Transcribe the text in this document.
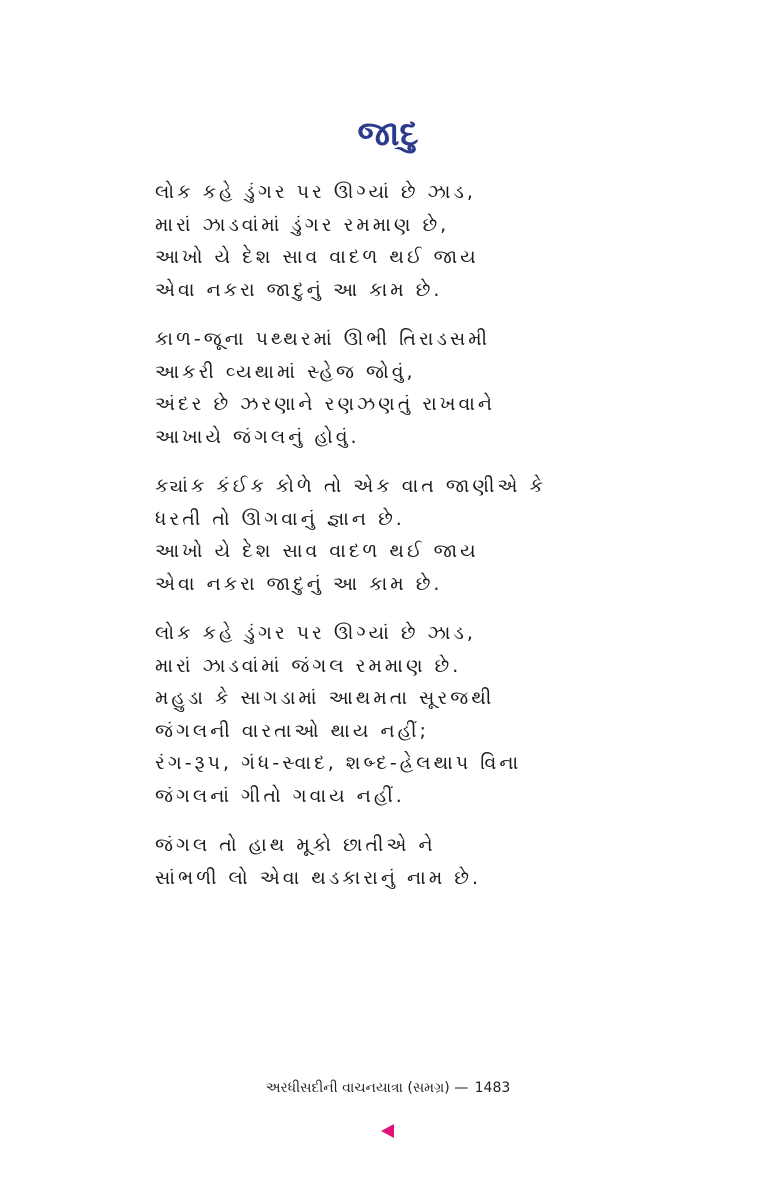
જાદુ
લોક કહે ડુંગર પર ઊગ્યાં છે ઝાડ,
મારાં ઝાડવાંમાં ડુંગર રમમાણ છે,
આખો યે દેશ સાવ વાદળ થઈ જાય
એવા નકરા જાદુનું આ કામ છે.
કાળ-જૂના પથ્થરમાં ઊભી તિરાડસમી
આકરી વ્યથામાં સ્હેજ જોવું,
અંદર છે ઝરણાને રણઝણતું રાખવાને
આખાયે જંગલનું હોવું.
ક્યાંક કંઈક કોળે તો એક વાત જાણીએ કે
ધરતી તો ઊગવાનું જ્ઞાન છે.
આખો યે દેશ સાવ વાદળ થઈ જાય
એવા નકરા જાદુનું આ કામ છે.
લોક કહે ડુંગર પર ઊગ્યાં છે ઝાડ,
મારાં ઝાડવાંમાં જંગલ રમમાણ છે.
મહુડા કે સાગડામાં આથમતા સૂરજથી
જંગલની વારતાઓ થાય નહીં;
રંગ-રૂપ, ગંધ-સ્વાદ, શબ્દ-હ્રેલથાપ વિના
જંગલનાં ગીતો ગવાય નહીં.
જંગલ તો હાથ મૂકો છાતીએ ને
સાંભળી લો એવા થડકારાનું નામ છે.
અરધીસદીની વાચનયાત્રા (સમગ્ર) — 1483
